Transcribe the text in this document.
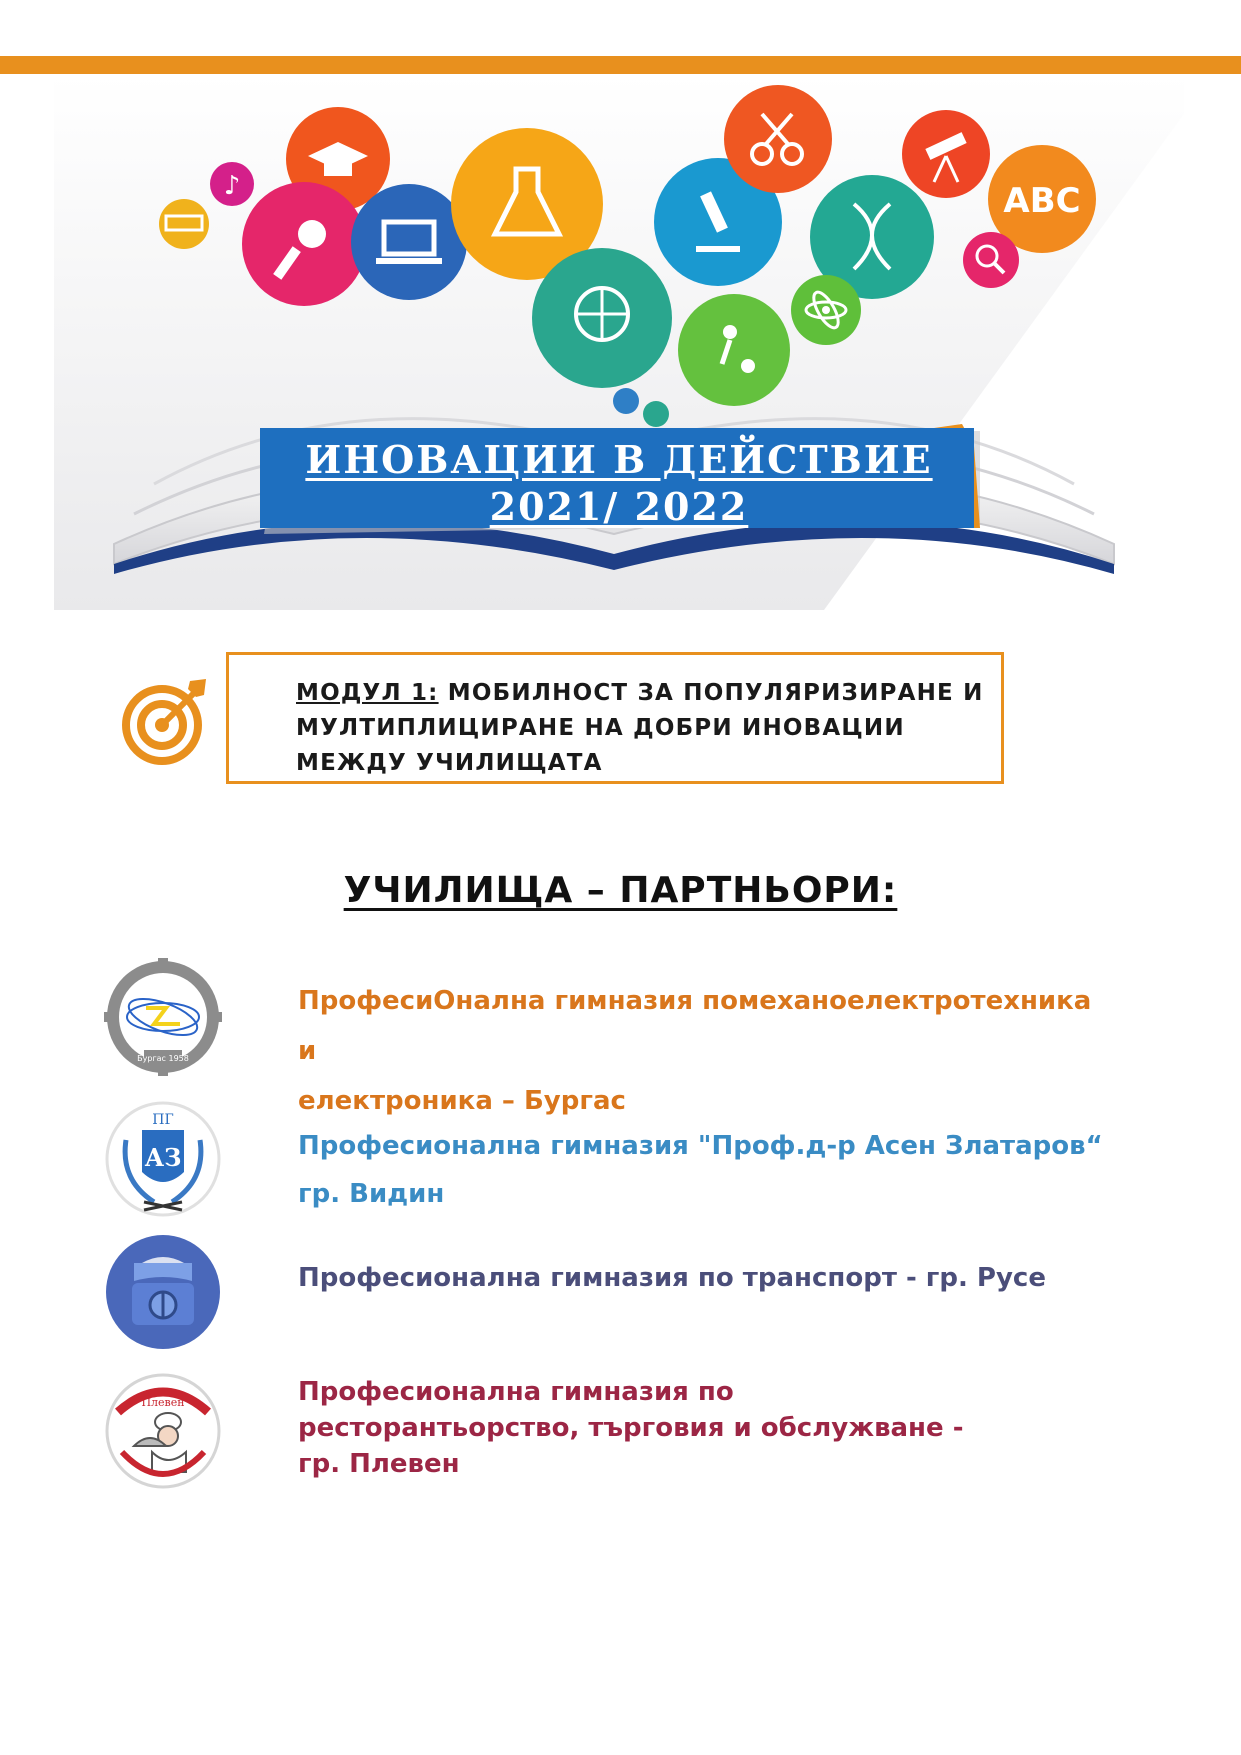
♪	ABC
ИНОВАЦИИ В ДЕЙСТВИЕ
2021/ 2022
МОДУЛ 1: МОБИЛНОСТ ЗА ПОПУЛЯРИЗИРАНЕ И
МУЛТИПЛИЦИРАНЕ НА ДОБРИ ИНОВАЦИИ
МЕЖДУ УЧИЛИЩАТА
УЧИЛИЩА – ПАРТНЬОРИ:
Бургас 1958
ПрофесиОнална гимназия помеханоелектротехника и
електроника – Бургас
ПГ
АЗ	Професионална гимназия "Проф.д-р Асен Златаров“
гр. Видин
Професионална гимназия по транспорт - гр. Русе
Плевен	Професионална гимназия по
ресторантьорство, търговия и обслужване -
гр. Плевен
